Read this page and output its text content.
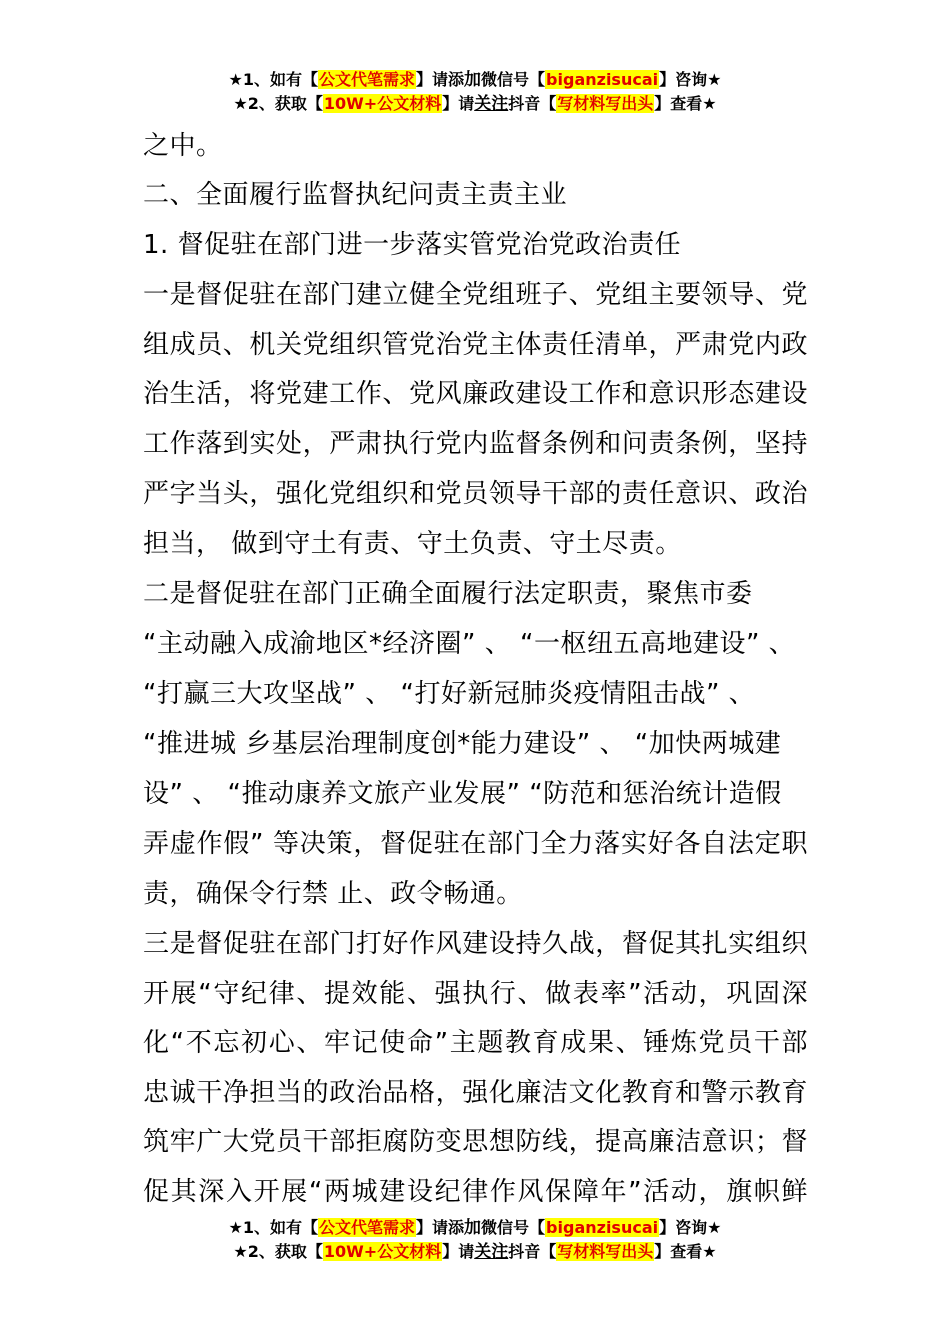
★1、如有【公文代笔需求】请添加微信号【biganzisucai】咨询★
★2、获取【10W+公文材料】请关注抖音【写材料写出头】查看★
之中。
二、全面履行监督执纪问责主责主业
1. 督促驻在部门进一步落实管党治党政治责任
一是督促驻在部门建立健全党组班子、党组主要领导、党
组成员、机关党组织管党治党主体责任清单，严肃党内政
治生活，将党建工作、党风廉政建设工作和意识形态建设
工作落到实处，严肃执行党内监督条例和问责条例，坚持
严字当头，强化党组织和党员领导干部的责任意识、政治
担当， 做到守土有责、守土负责、守土尽责。
二是督促驻在部门正确全面履行法定职责，聚焦市委
“主动融入成渝地区*经济圈” 、 “一枢纽五高地建设” 、
“打赢三大攻坚战” 、 “打好新冠肺炎疫情阻击战” 、
“推进城 乡基层治理制度创*能力建设” 、 “加快两城建
设” 、 “推动康养文旅产业发展” “防范和惩治统计造假
弄虚作假” 等决策，督促驻在部门全力落实好各自法定职
责，确保令行禁 止、政令畅通。
三是督促驻在部门打好作风建设持久战，督促其扎实组织
开展“守纪律、提效能、强执行、做表率”活动，巩固深
化“不忘初心、牢记使命”主题教育成果、锤炼党员干部
忠诚干净担当的政治品格，强化廉洁文化教育和警示教育
筑牢广大党员干部拒腐防变思想防线，提高廉洁意识；督
促其深入开展“两城建设纪律作风保障年”活动，旗帜鲜
★1、如有【公文代笔需求】请添加微信号【biganzisucai】咨询★
★2、获取【10W+公文材料】请关注抖音【写材料写出头】查看★
